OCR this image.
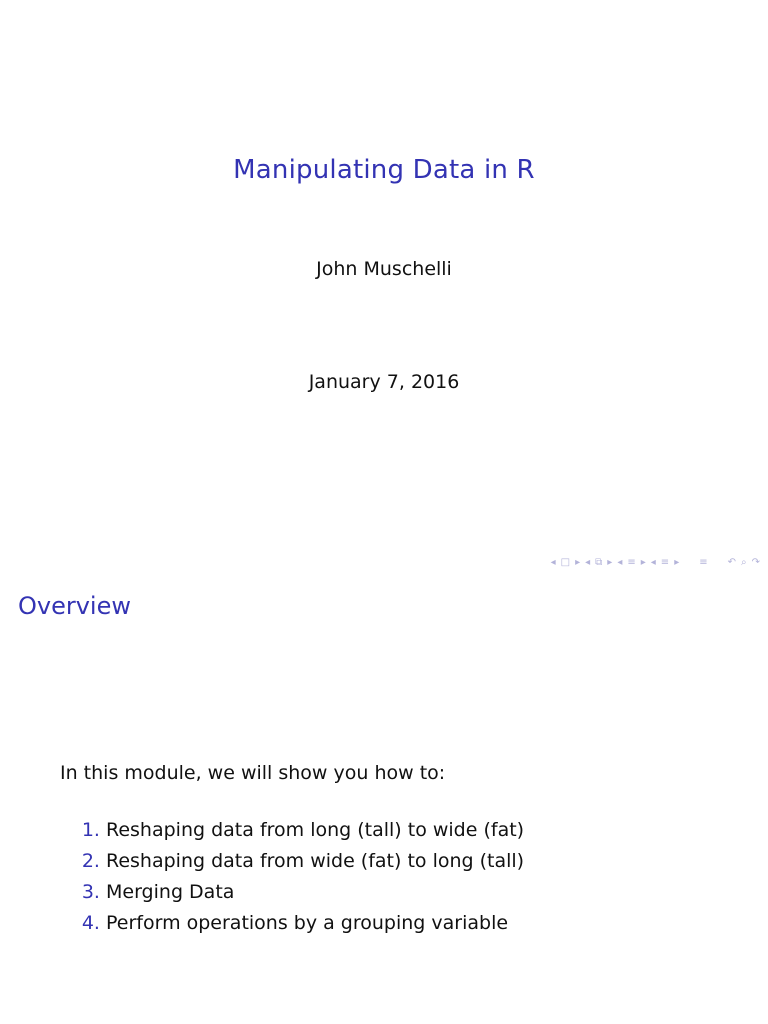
Manipulating Data in R
John Muschelli
January 7, 2016
◂ □ ▸ ◂ ⧉ ▸ ◂ ≡ ▸ ◂ ≡ ▸ ≡ ↶ ⌕ ↷
Overview
In this module, we will show you how to:
1. Reshaping data from long (tall) to wide (fat)
2. Reshaping data from wide (fat) to long (tall)
3. Merging Data
4. Perform operations by a grouping variable
